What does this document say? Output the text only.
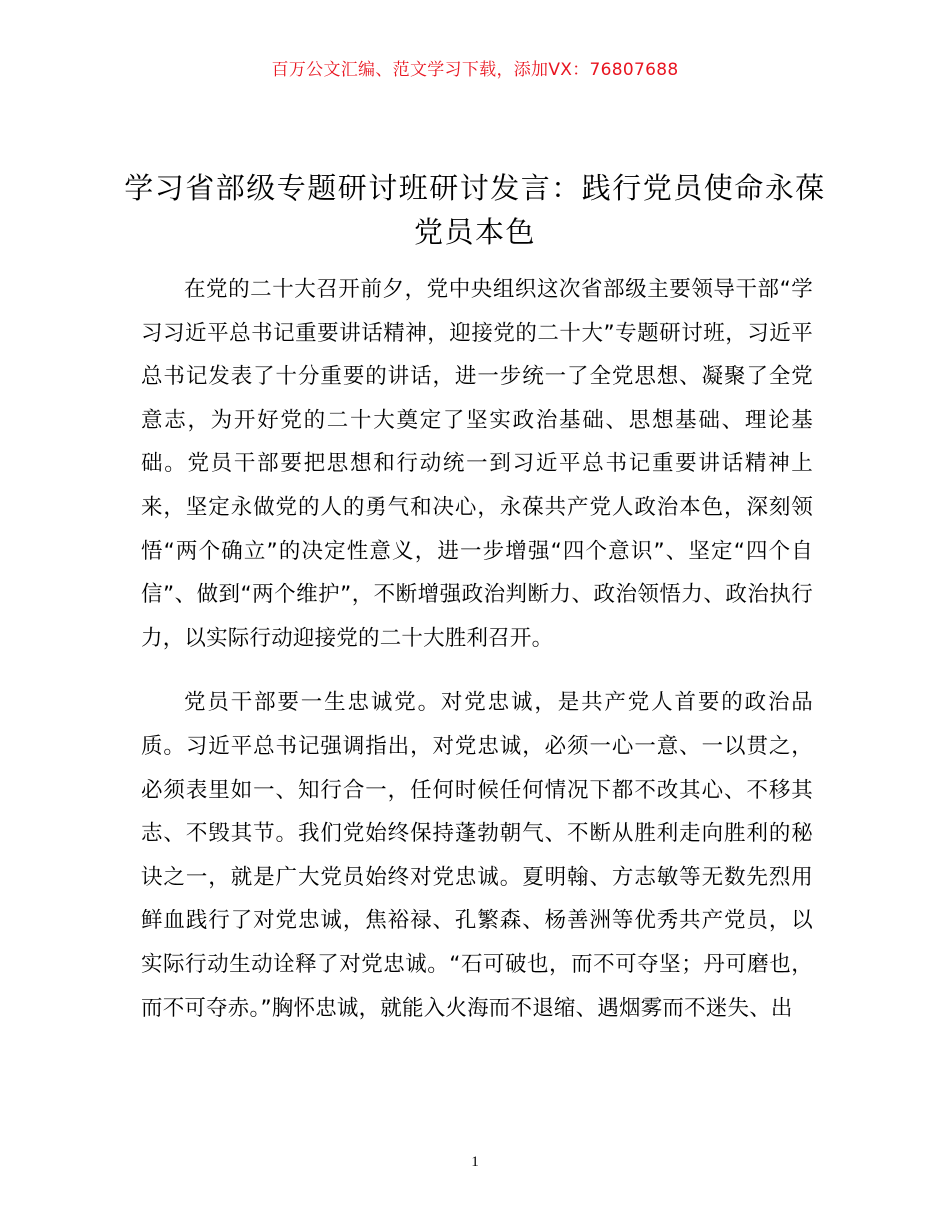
百万公文汇编、范文学习下载，添加VX：76807688
学习省部级专题研讨班研讨发言：践行党员使命永葆党员本色

在党的二十大召开前夕，党中央组织这次省部级主要领导干部“学习习近平总书记重要讲话精神，迎接党的二十大”专题研讨班，习近平总书记发表了十分重要的讲话，进一步统一了全党思想、凝聚了全党意志，为开好党的二十大奠定了坚实政治基础、思想基础、理论基础。党员干部要把思想和行动统一到习近平总书记重要讲话精神上来，坚定永做党的人的勇气和决心，永葆共产党人政治本色，深刻领悟“两个确立”的决定性意义，进一步增强“四个意识”、坚定“四个自信”、做到“两个维护”，不断增强政治判断力、政治领悟力、政治执行力，以实际行动迎接党的二十大胜利召开。

党员干部要一生忠诚党。对党忠诚，是共产党人首要的政治品质。习近平总书记强调指出，对党忠诚，必须一心一意、一以贯之，必须表里如一、知行合一，任何时候任何情况下都不改其心、不移其志、不毁其节。我们党始终保持蓬勃朝气、不断从胜利走向胜利的秘诀之一，就是广大党员始终对党忠诚。夏明翰、方志敏等无数先烈用鲜血践行了对党忠诚，焦裕禄、孔繁森、杨善洲等优秀共产党员，以实际行动生动诠释了对党忠诚。“石可破也，而不可夺坚；丹可磨也，而不可夺赤。”胸怀忠诚，就能入火海而不退缩、遇烟雾而不迷失、出

1
